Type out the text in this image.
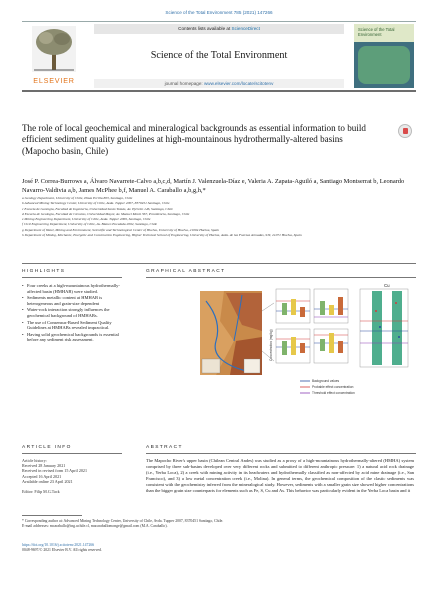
Science of the Total Environment 785 (2021) 147266
ELSEVIER
Contents lists available at ScienceDirect
Science of the Total Environment
journal homepage: www.elsevier.com/locate/scitotenv
Science of the Total Environment
The role of local geochemical and mineralogical backgrounds as essential information to build efficient sediment quality guidelines at high-mountainous hydrothermally-altered basins (Mapocho basin, Chile)
José P. Correa-Burrows a, Álvaro Navarrete-Calvo a,b,c,d, Martín J. Valenzuela-Díaz e, Valeria A. Zapata-Aguiló a, Santiago Montserrat b, Leonardo Navarro-Valdivia a,b, James McPhee b,f, Manuel A. Caraballo a,b,g,h,*
a Geology Department, University of Chile, Plaza Ercilla 803, Santiago, Chile
b Advanced Mining Technology Center, University of Chile, Avda. Tupper 2007, 8370451 Santiago, Chile
c Escuela de Geología, Facultad de Ingeniería, Universidad Santo Tomás, Av. Ejército 146, Santiago, Chile
d Escuela de Geología, Facultad de Ciencias, Universidad Mayor, Av. Manuel Montt 367, Providencia, Santiago, Chile
e Mining Engineering Department, University of Chile, Avda. Tupper 2069, Santiago, Chile
f Civil Engineering Department, University of Chile, Av. Blanco Encalada 2002, Santiago, Chile
g Department of Water, Mining and Environment, Scientific and Technological Center of Huelva, University of Huelva, 21004 Huelva, Spain
h Department of Mining, Mechanic, Energetic and Construction Engineering, Higher Technical School of Engineering, University of Huelva, Avda. de las Fuerzas Armadas, S/N, 21071 Huelva, Spain
HIGHLIGHTS	GRAPHICAL ABSTRACT
• Four creeks at a high-mountainous hydrothermally-affected basin (HMHAB) were studied.
• Sediments metallic content at HMHAB is heterogeneous and grain-size dependent
• Water-rock interaction strongly influences the geochemical background of HMHABs.
• The use of Consensus-Based Sediment Quality Guidelines at HMHABs revealed impractical.
• Having solid geochemical backgrounds is essential before any sediment risk assessment.	Concentration (mg/kg)
Cu
Background values
Probable effect concentration
Threshold effect concentration
ARTICLE INFO	ABSTRACT
Article history:
Received 28 January 2021
Received in revised form 15 April 2021
Accepted 16 April 2021
Available online 23 April 2021
Editor: Filip M.G.Tack
The Mapocho River's upper basin (Chilean Central Andes) was studied as a proxy of a high-mountainous hydrothermally-altered (HMHA) system comprised by three sub-basins developed over very different rocks and submitted to different anthropic pressure: 1) a natural acid rock drainage (i.e., Yerba Loca), 2) a creek with mining activity in its headwaters and hydrothermally classified as non-affected by acid mine drainage (i.e., San Francisco), and 3) a low metal concentration creek (i.e., Molina). In general terms, the geochemical composition of the clastic sediments was consistent with the geochemistry inferred from the mineralogical study. However, sediments with a smaller grain size showed higher concentrations than the bigger grain size counterparts for elements such as Fe, S, Cu and As. This behavior was particularly evident in the Yerba Loca basin and it
* Corresponding author at: Advanced Mining Technology Center, University of Chile, Avda. Tupper 2007, 8370451 Santiago, Chile.
E-mail addresses: mcaraballo@ing.uchile.cl, macaraballomonge@gmail.com (M.A. Caraballo).
https://doi.org/10.1016/j.scitotenv.2021.147266
0048-9697/© 2021 Elsevier B.V. All rights reserved.
